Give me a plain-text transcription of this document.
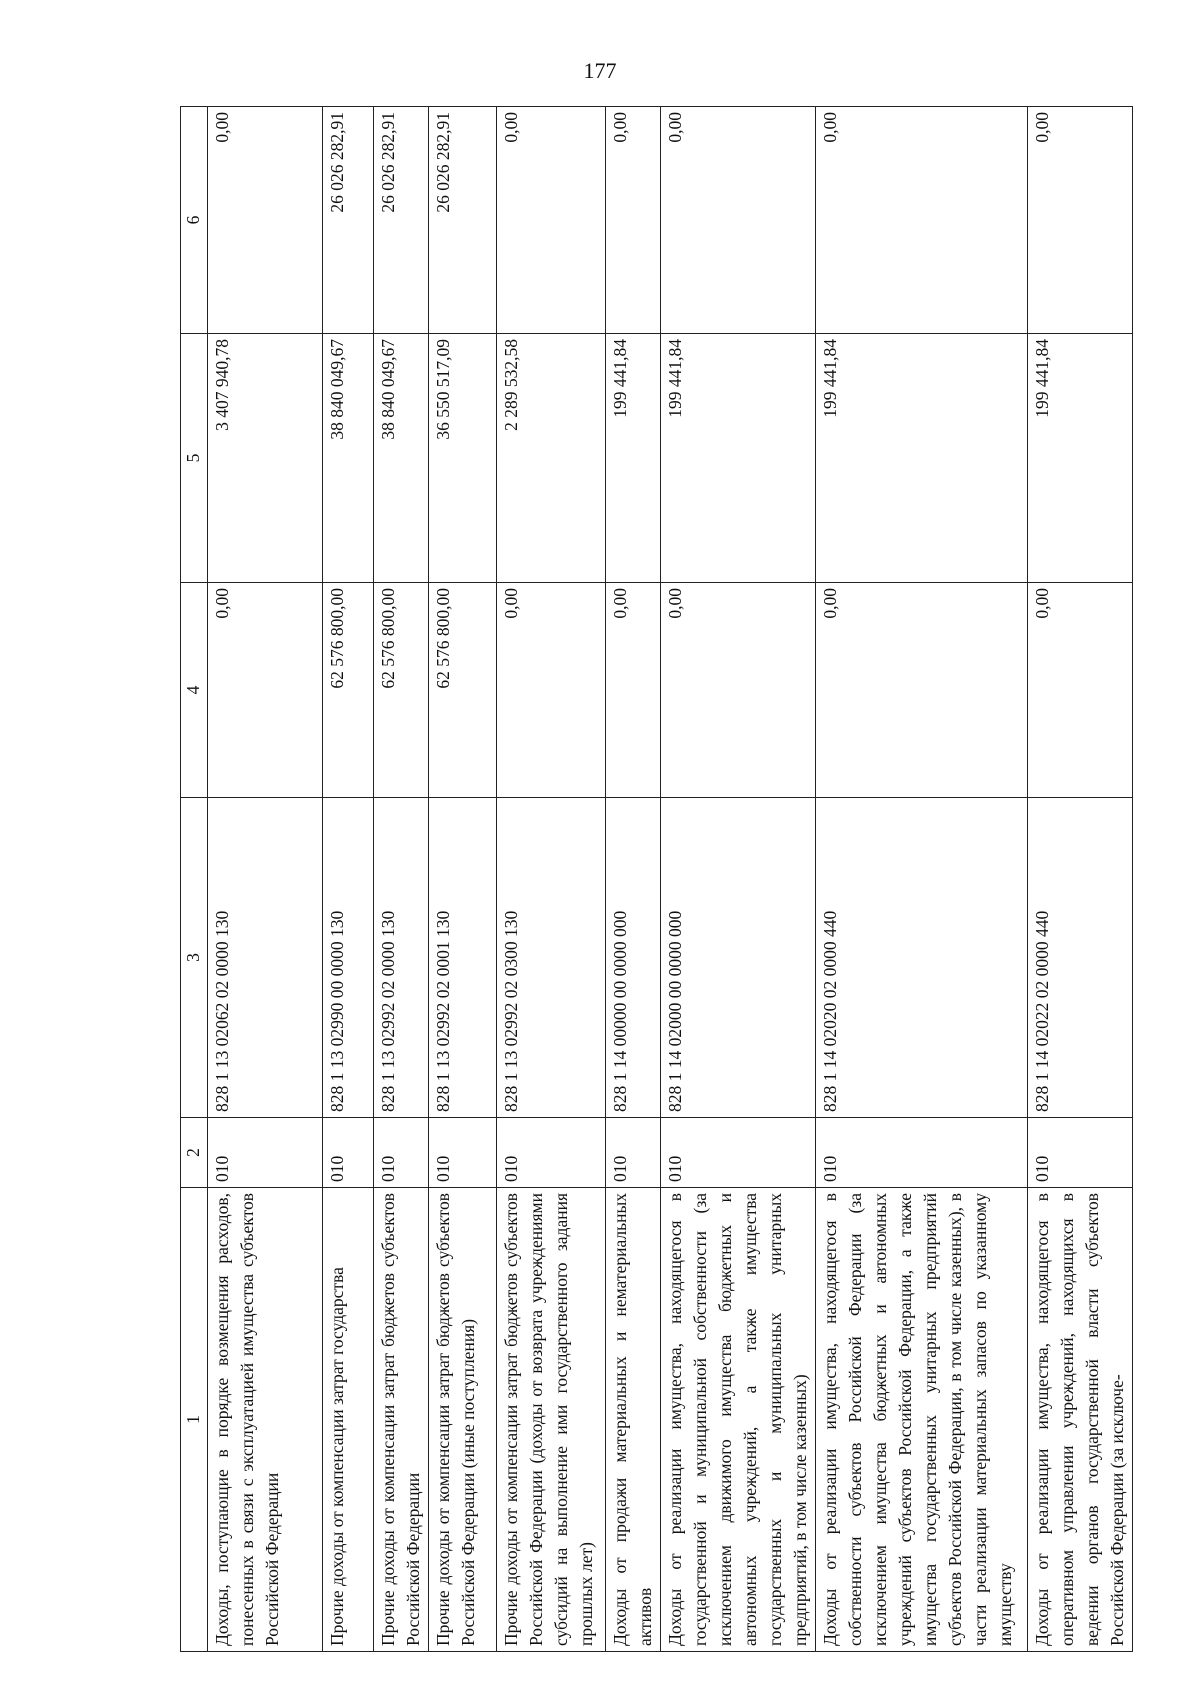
177
1	2	3	4	5	6
Доходы, поступающие в порядке возмещения расходов, понесенных в связи с эксплуатацией имущества субъектов Российской Федерации	010	828 1 13 02062 02 0000 130	0,00	3 407 940,78	0,00
Прочие доходы от компенсации затрат государства	010	828 1 13 02990 00 0000 130	62 576 800,00	38 840 049,67	26 026 282,91
Прочие доходы от компенсации затрат бюджетов субъектов Российской Федерации	010	828 1 13 02992 02 0000 130	62 576 800,00	38 840 049,67	26 026 282,91
Прочие доходы от компенсации затрат бюджетов субъектов Российской Федерации (иные поступления)	010	828 1 13 02992 02 0001 130	62 576 800,00	36 550 517,09	26 026 282,91
Прочие доходы от компенсации затрат бюджетов субъектов Российской Федерации (доходы от возврата учреждениями субсидий на выполнение ими государственного задания прошлых лет)	010	828 1 13 02992 02 0300 130	0,00	2 289 532,58	0,00
Доходы от продажи материальных и нематериальных активов	010	828 1 14 00000 00 0000 000	0,00	199 441,84	0,00
Доходы от реализации имущества, находящегося в государственной и муниципальной собственности (за исключением движимого имущества бюджетных и автономных учреждений, а также имущества государственных и муниципальных унитарных предприятий, в том числе казенных)	010	828 1 14 02000 00 0000 000	0,00	199 441,84	0,00
Доходы от реализации имущества, находящегося в собственности субъектов Российской Федерации (за исключением имущества бюджетных и автономных учреждений субъектов Российской Федерации, а также имущества государственных унитарных предприятий субъектов Российской Федерации, в том числе казенных), в части реализации материальных запасов по указанному имуществу	010	828 1 14 02020 02 0000 440	0,00	199 441,84	0,00
Доходы от реализации имущества, находящегося в оперативном управлении учреждений, находящихся в ведении органов государственной власти субъектов Российской Федерации (за исключе-	010	828 1 14 02022 02 0000 440	0,00	199 441,84	0,00
